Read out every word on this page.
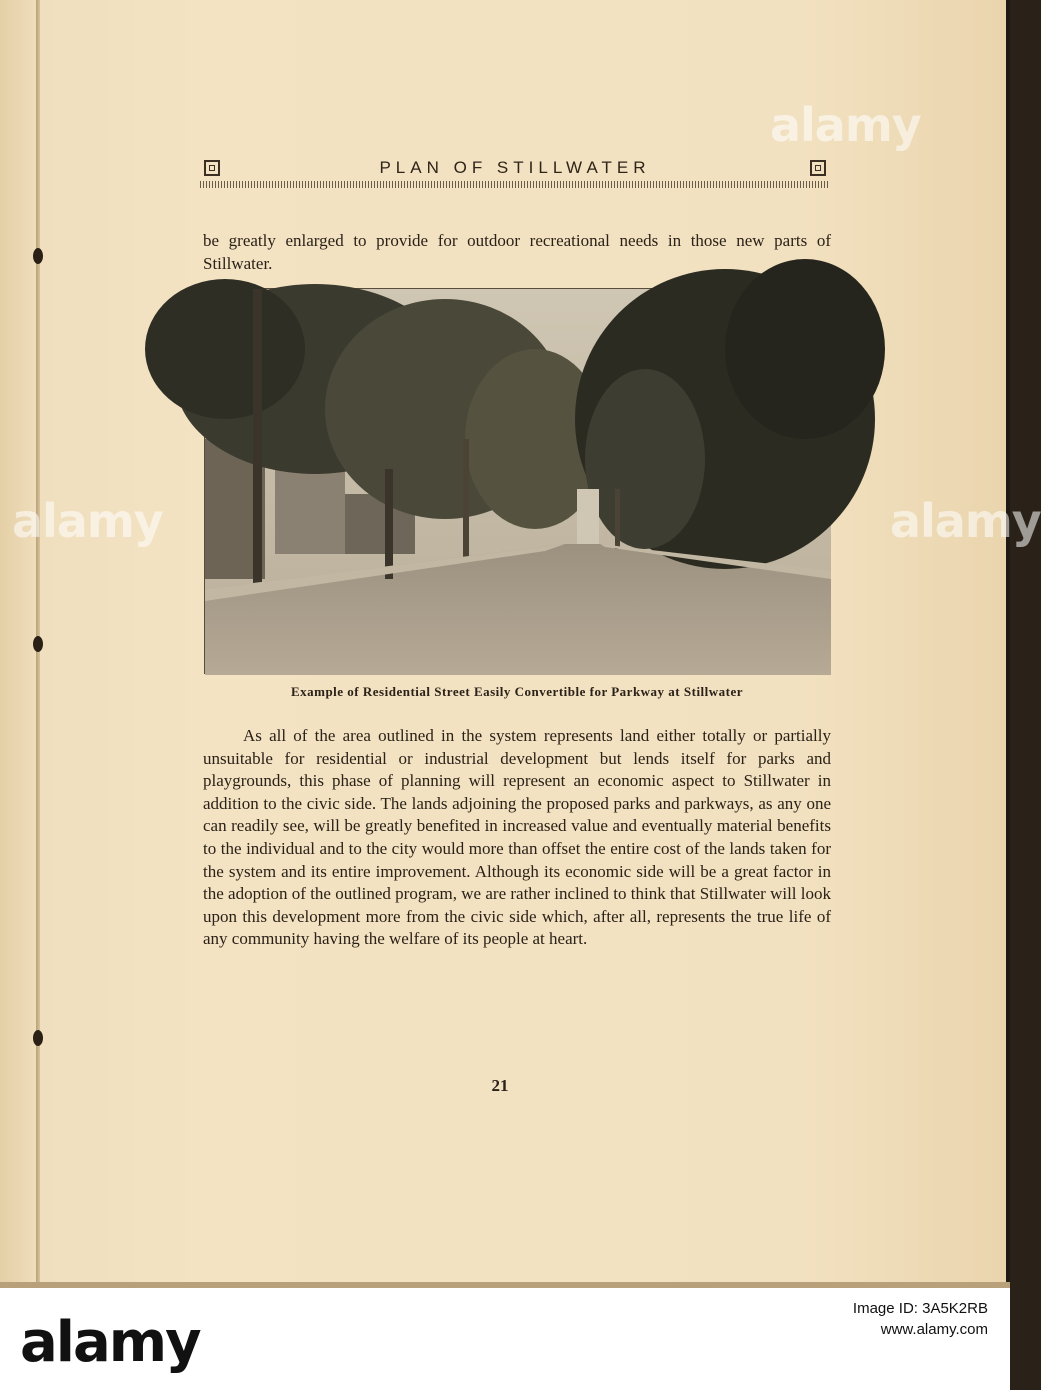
PLAN OF STILLWATER

be greatly enlarged to provide for outdoor recreational needs in those new parts of Stillwater.

Example of Residential Street Easily Convertible for Parkway at Stillwater

As all of the area outlined in the system represents land either totally or partially unsuitable for residential or industrial development but lends itself for parks and playgrounds, this phase of planning will represent an economic aspect to Stillwater in addition to the civic side. The lands adjoining the proposed parks and parkways, as any one can readily see, will be greatly benefited in increased value and eventually material benefits to the individual and to the city would more than offset the entire cost of the lands taken for the system and its entire improvement. Although its economic side will be a great factor in the adoption of the outlined program, we are rather inclined to think that Stillwater will look upon this development more from the civic side which, after all, represents the true life of any community having the welfare of its people at heart.

21
alamy
alamy	alamy
alamy
Image ID: 3A5K2RB
www.alamy.com
